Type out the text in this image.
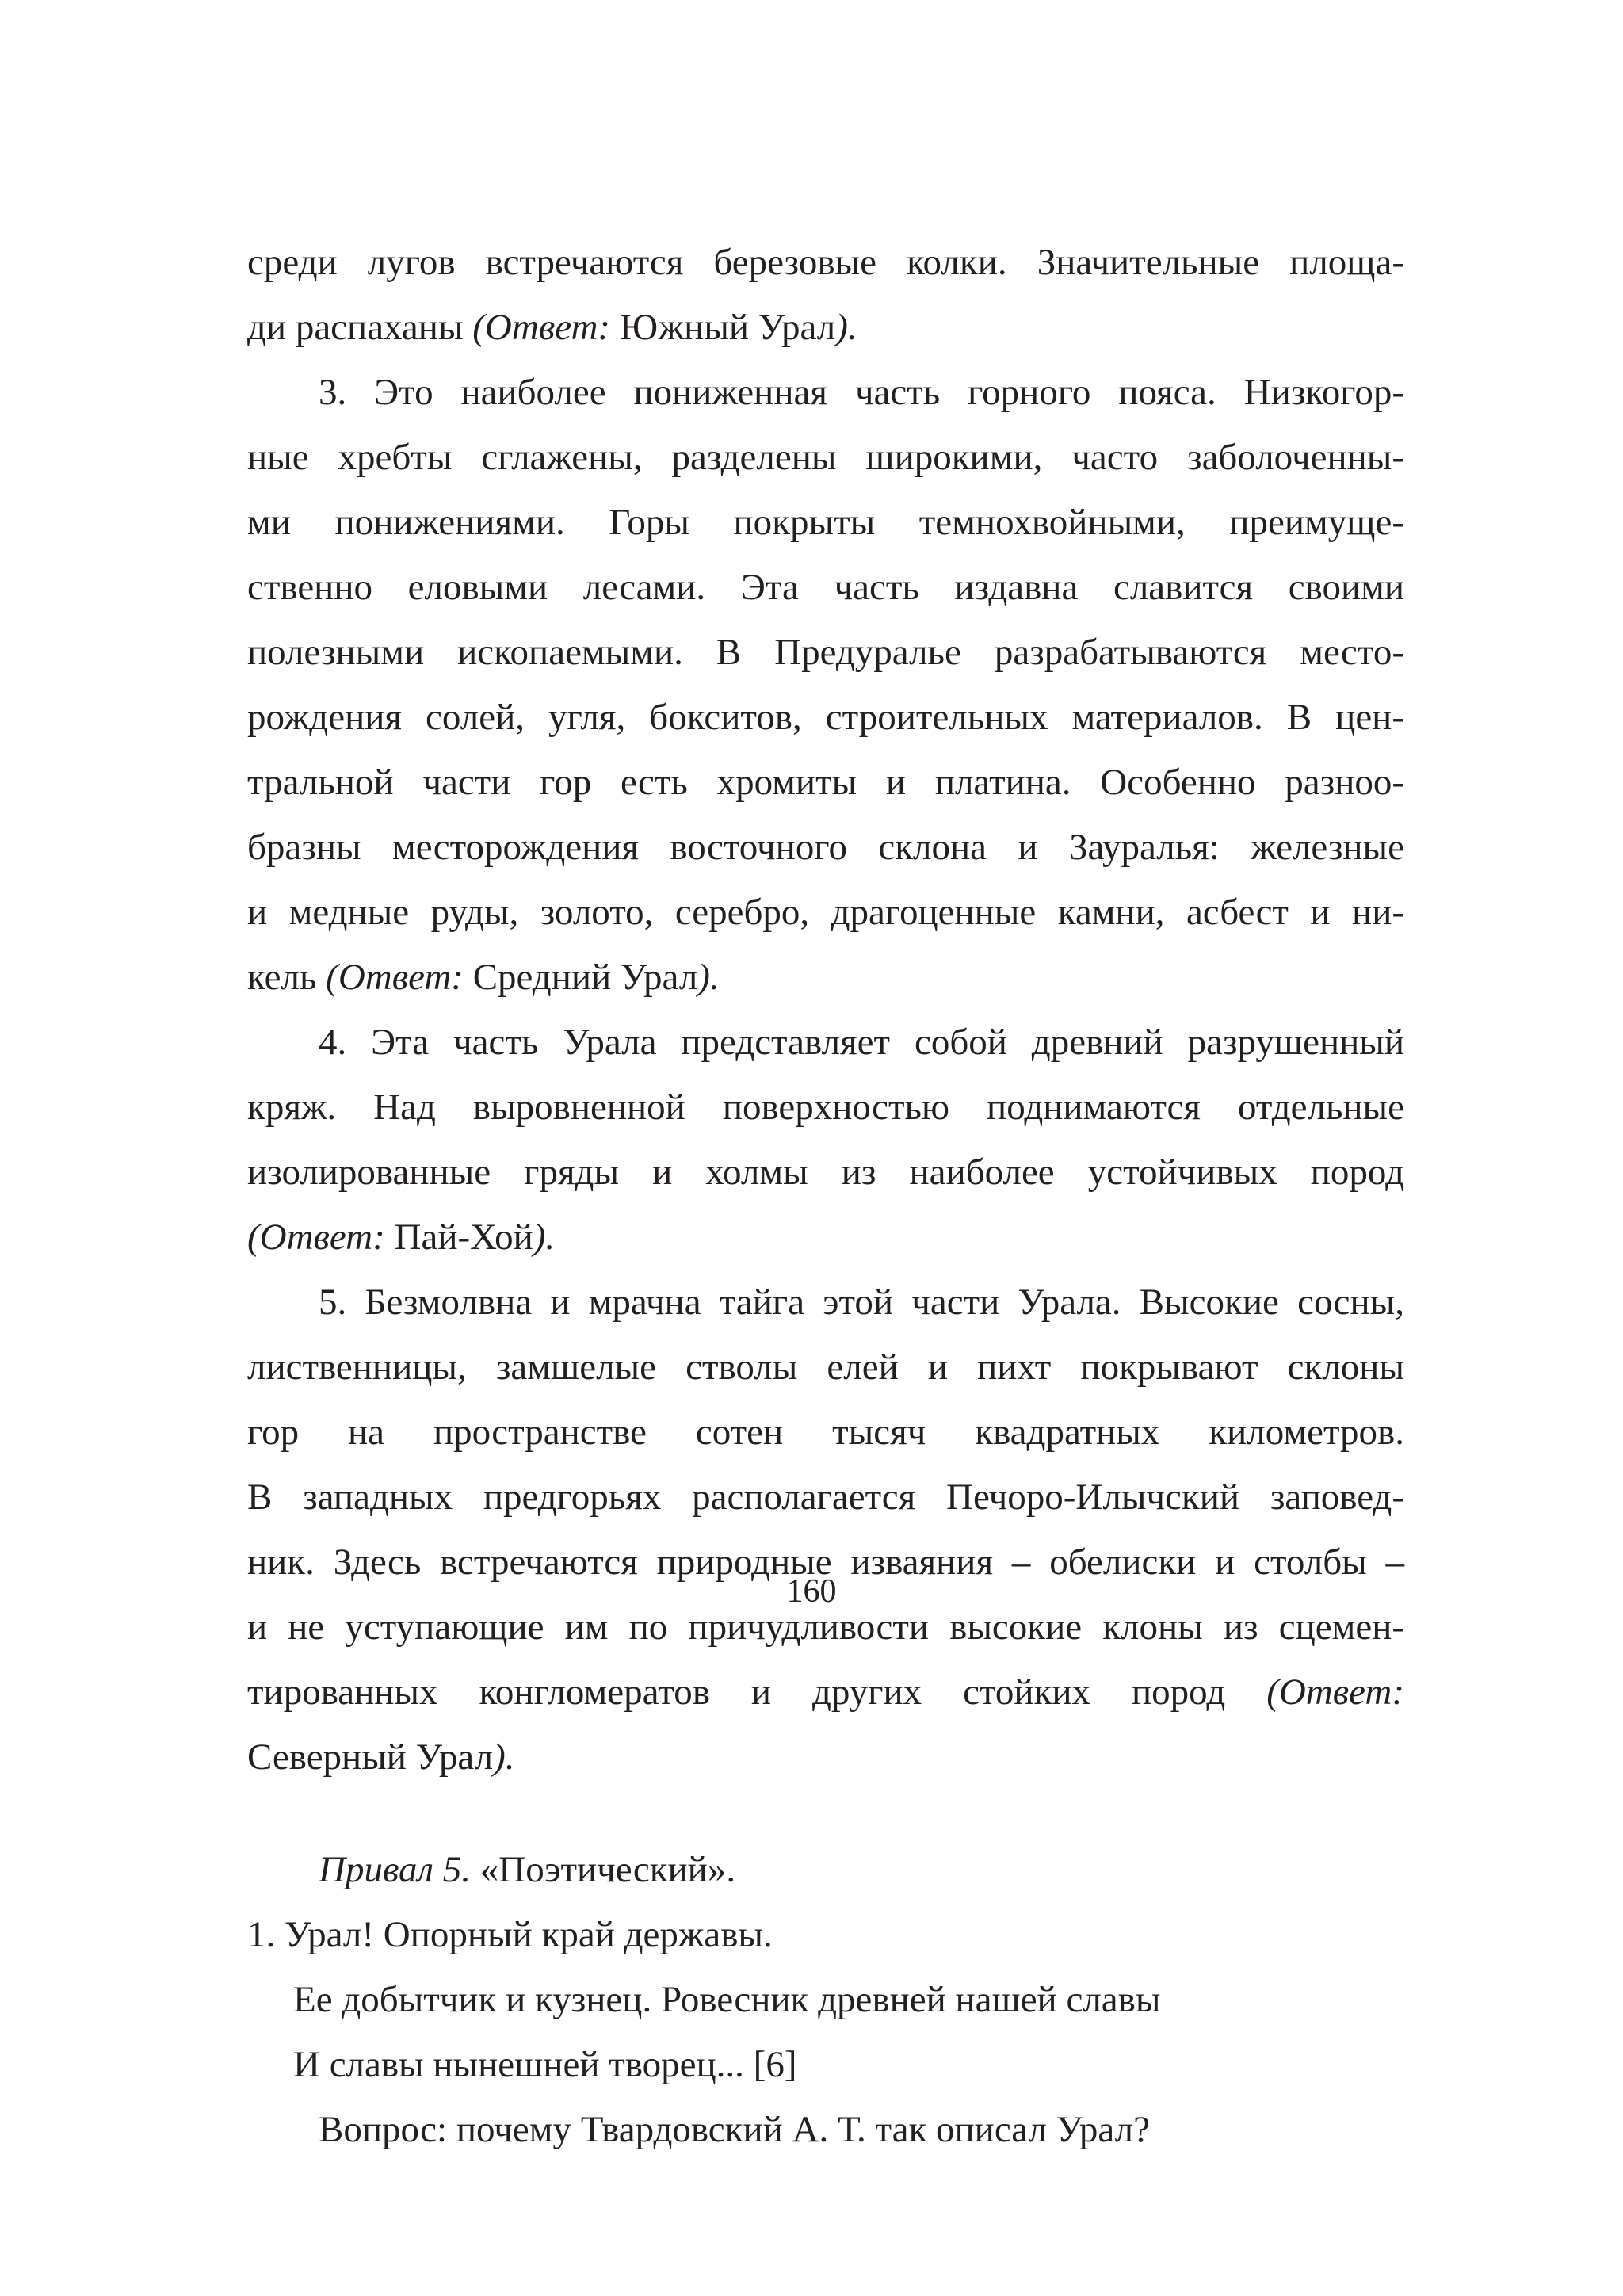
среди лугов встречаются березовые колки. Значительные площа-
ди распаханы (Ответ: Южный Урал).
3. Это наиболее пониженная часть горного пояса. Низкогор-
ные хребты сглажены, разделены широкими, часто заболоченны-
ми понижениями. Горы покрыты темнохвойными, преимуще-
ственно еловыми лесами. Эта часть издавна славится своими
полезными ископаемыми. В Предуралье разрабатываются место-
рождения солей, угля, бокситов, строительных материалов. В цен-
тральной части гор есть хромиты и платина. Особенно разноо-
бразны месторождения восточного склона и Зауралья: железные
и медные руды, золото, серебро, драгоценные камни, асбест и ни-
кель (Ответ: Средний Урал).
4. Эта часть Урала представляет собой древний разрушенный
кряж. Над выровненной поверхностью поднимаются отдельные
изолированные гряды и холмы из наиболее устойчивых пород
(Ответ: Пай-Хой).
5. Безмолвна и мрачна тайга этой части Урала. Высокие сосны,
лиственницы, замшелые стволы елей и пихт покрывают склоны
гор на пространстве сотен тысяч квадратных километров.
В западных предгорьях располагается Печоро-Илычский заповед-
ник. Здесь встречаются природные изваяния – обелиски и столбы –
и не уступающие им по причудливости высокие клоны из сцемен-
тированных конгломератов и других стойких пород (Ответ:
Северный Урал).
Привал 5. «Поэтический».
1. Урал! Опорный край державы.
Ее добытчик и кузнец. Ровесник древней нашей славы
И славы нынешней творец... [6]
Вопрос: почему Твардовский А. Т. так описал Урал?
160
